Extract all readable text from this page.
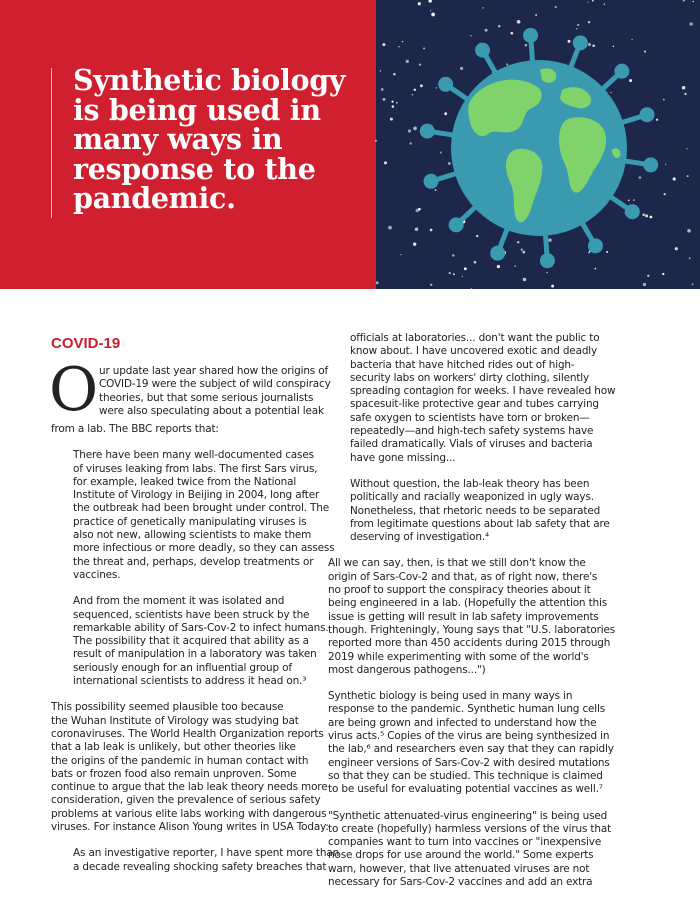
Synthetic biology
is being used in
many ways in
response to the
pandemic.
COVID-19
O ur update last year shared how the origins of
COVID-19 were the subject of wild conspiracy
theories, but that some serious journalists
were also speculating about a potential leak

from a lab. The BBC reports that:

There have been many well-documented cases
of viruses leaking from labs. The first Sars virus,
for example, leaked twice from the National
Institute of Virology in Beijing in 2004, long after
the outbreak had been brought under control. The
practice of genetically manipulating viruses is
also not new, allowing scientists to make them
more infectious or more deadly, so they can assess
the threat and, perhaps, develop treatments or
vaccines.

And from the moment it was isolated and
sequenced, scientists have been struck by the
remarkable ability of Sars-Cov-2 to infect humans.
The possibility that it acquired that ability as a
result of manipulation in a laboratory was taken
seriously enough for an influential group of
international scientists to address it head on.³

This possibility seemed plausible too because
the Wuhan Institute of Virology was studying bat
coronaviruses. The World Health Organization reports
that a lab leak is unlikely, but other theories like
the origins of the pandemic in human contact with
bats or frozen food also remain unproven. Some
continue to argue that the lab leak theory needs more
consideration, given the prevalence of serious safety
problems at various elite labs working with dangerous
viruses. For instance Alison Young writes in USA Today:

As an investigative reporter, I have spent more than
a decade revealing shocking safety breaches that

officials at laboratories... don't want the public to
know about. I have uncovered exotic and deadly
bacteria that have hitched rides out of high-
security labs on workers' dirty clothing, silently
spreading contagion for weeks. I have revealed how
spacesuit-like protective gear and tubes carrying
safe oxygen to scientists have torn or broken—
repeatedly—and high-tech safety systems have
failed dramatically. Vials of viruses and bacteria
have gone missing...

Without question, the lab-leak theory has been
politically and racially weaponized in ugly ways.
Nonetheless, that rhetoric needs to be separated
from legitimate questions about lab safety that are
deserving of investigation.⁴

All we can say, then, is that we still don't know the
origin of Sars-Cov-2 and that, as of right now, there's
no proof to support the conspiracy theories about it
being engineered in a lab. (Hopefully the attention this
issue is getting will result in lab safety improvements
though. Frighteningly, Young says that "U.S. laboratories
reported more than 450 accidents during 2015 through
2019 while experimenting with some of the world's
most dangerous pathogens...")

Synthetic biology is being used in many ways in
response to the pandemic. Synthetic human lung cells
are being grown and infected to understand how the
virus acts.⁵ Copies of the virus are being synthesized in
the lab,⁶ and researchers even say that they can rapidly
engineer versions of Sars-Cov-2 with desired mutations
so that they can be studied. This technique is claimed
to be useful for evaluating potential vaccines as well.⁷

"Synthetic attenuated-virus engineering" is being used
to create (hopefully) harmless versions of the virus that
companies want to turn into vaccines or "inexpensive
nose drops for use around the world." Some experts
warn, however, that live attenuated viruses are not
necessary for Sars-Cov-2 vaccines and add an extra
